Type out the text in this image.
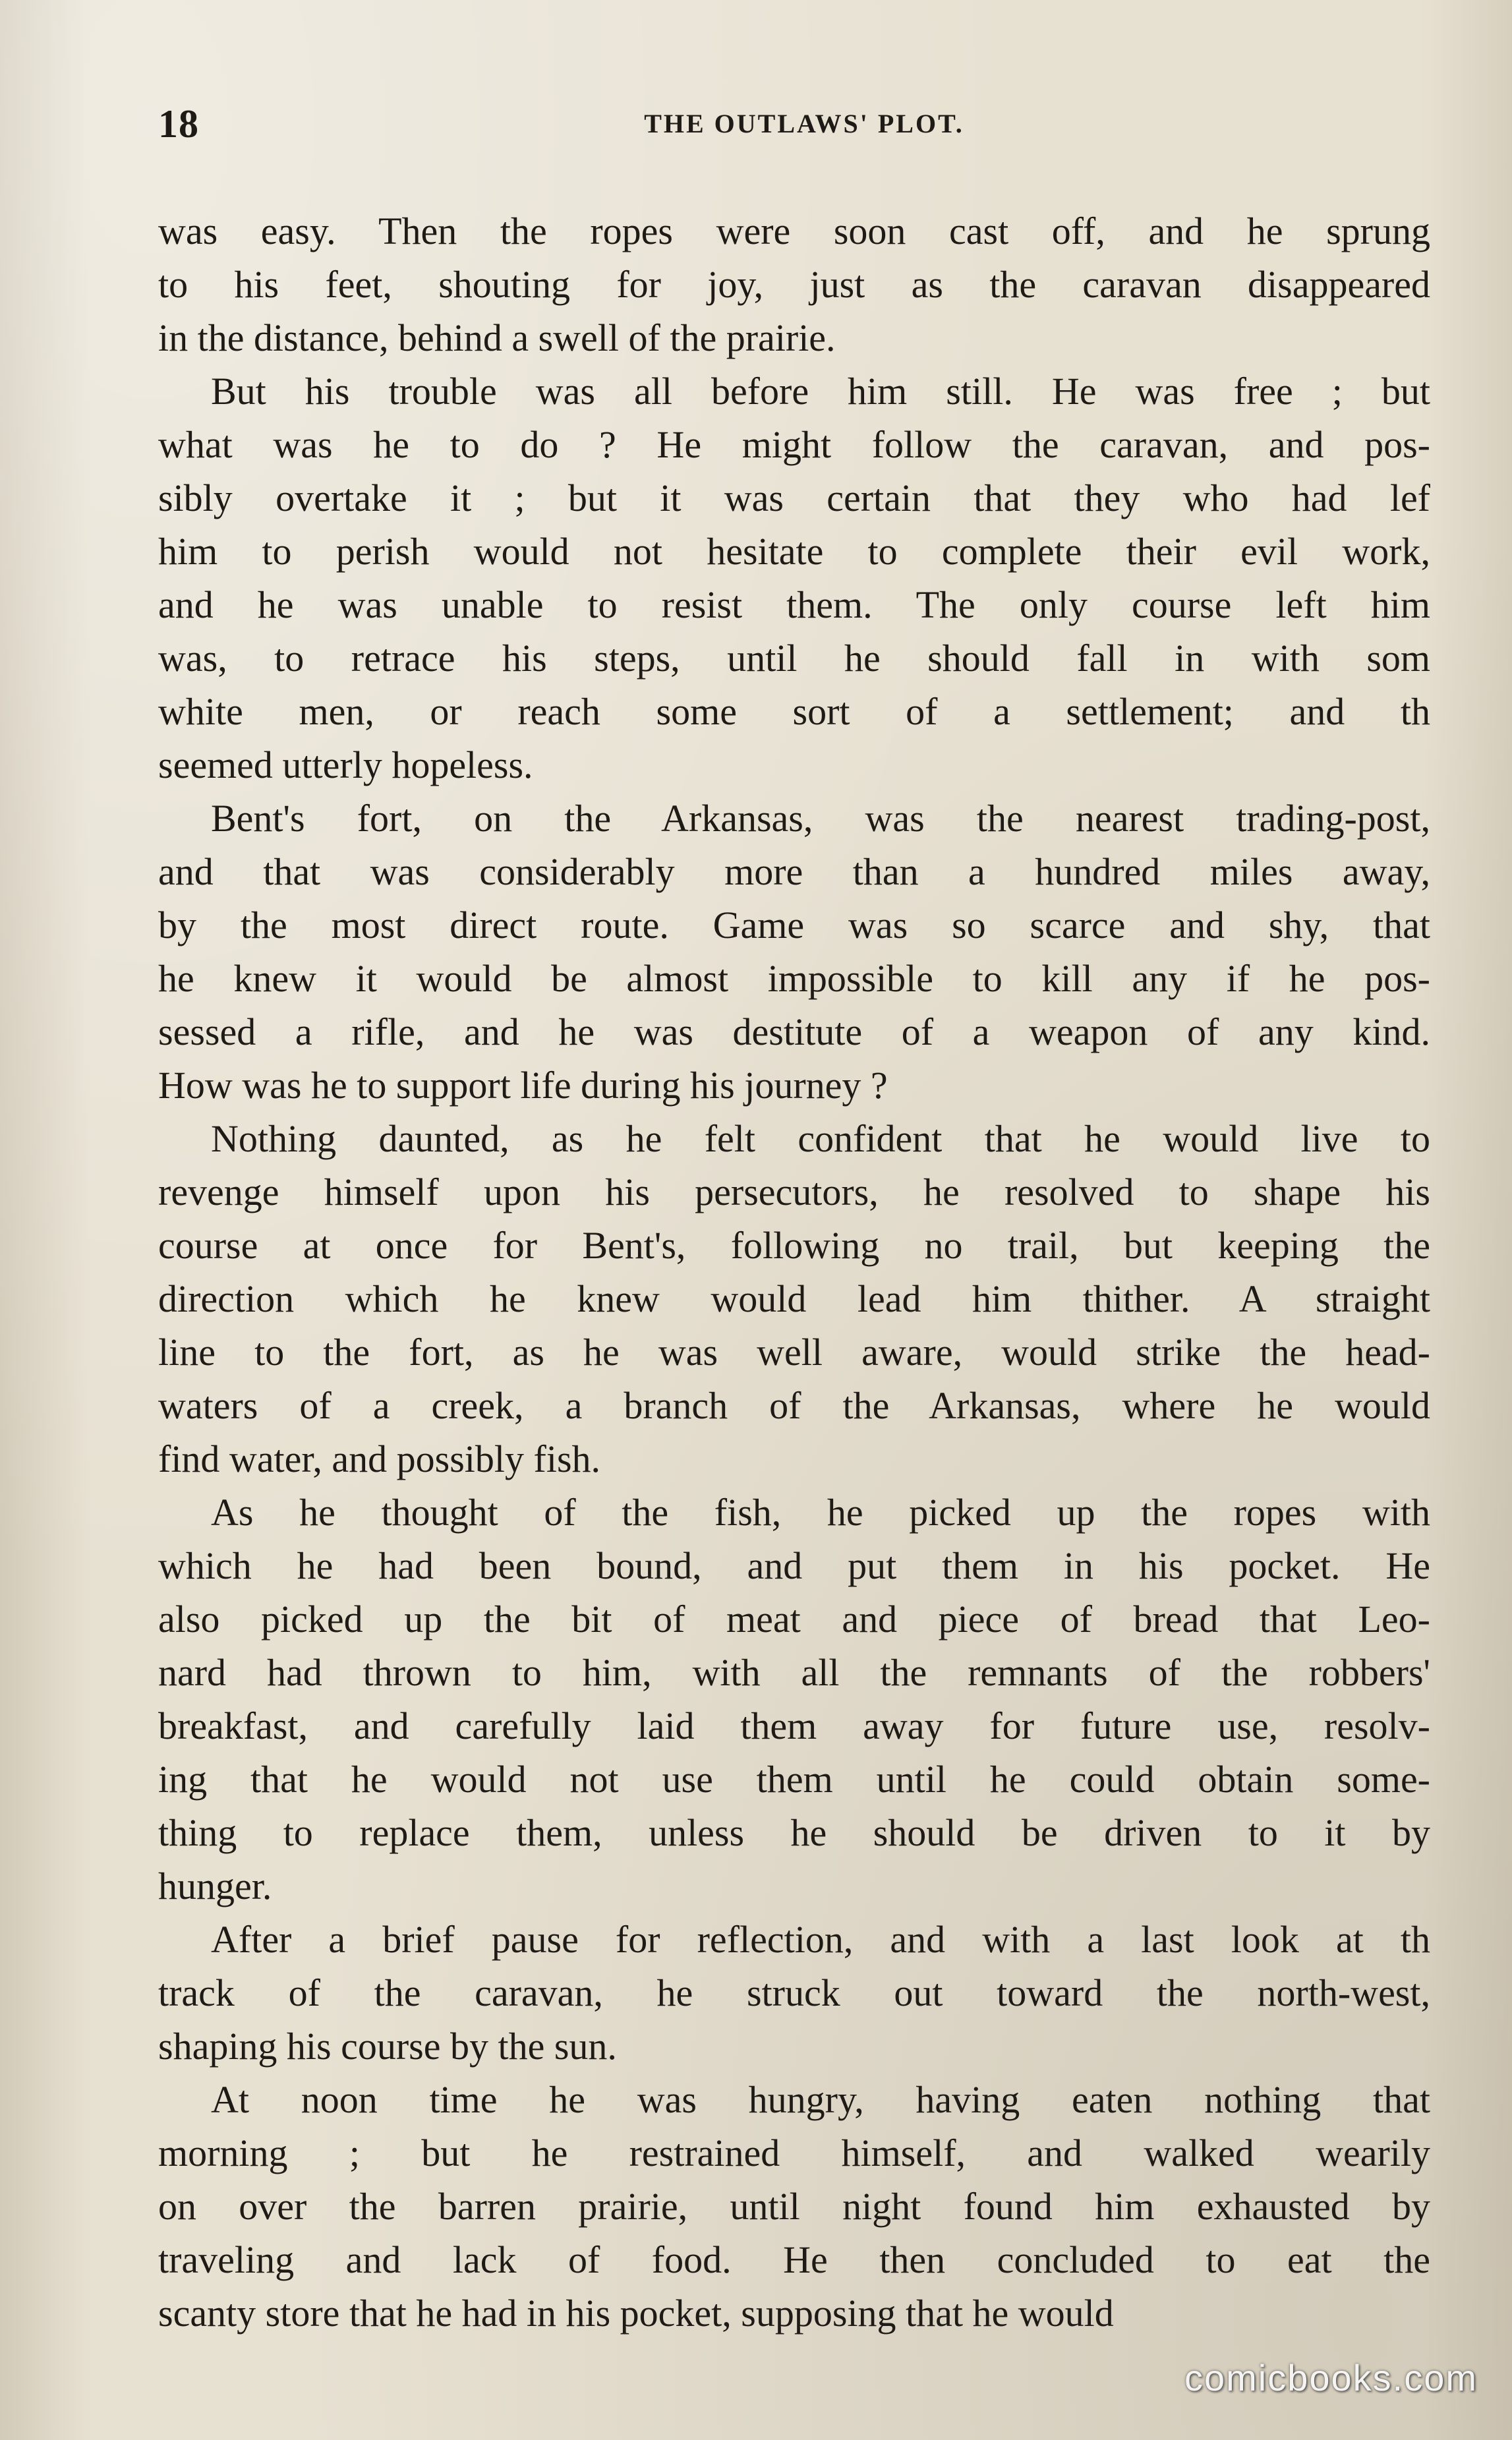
18	THE OUTLAWS' PLOT.
was easy. Then the ropes were soon cast off, and he sprung
to his feet, shouting for joy, just as the caravan disappeared
in the distance, behind a swell of the prairie.
But his trouble was all before him still. He was free ; but
what was he to do ? He might follow the caravan, and pos-
sibly overtake it ; but it was certain that they who had lef
him to perish would not hesitate to complete their evil work,
and he was unable to resist them. The only course left him
was, to retrace his steps, until he should fall in with som
white men, or reach some sort of a settlement; and th
seemed utterly hopeless.
Bent's fort, on the Arkansas, was the nearest trading-post,
and that was considerably more than a hundred miles away,
by the most direct route. Game was so scarce and shy, that
he knew it would be almost impossible to kill any if he pos-
sessed a rifle, and he was destitute of a weapon of any kind.
How was he to support life during his journey ?
Nothing daunted, as he felt confident that he would live to
revenge himself upon his persecutors, he resolved to shape his
course at once for Bent's, following no trail, but keeping the
direction which he knew would lead him thither. A straight
line to the fort, as he was well aware, would strike the head-
waters of a creek, a branch of the Arkansas, where he would
find water, and possibly fish.
As he thought of the fish, he picked up the ropes with
which he had been bound, and put them in his pocket. He
also picked up the bit of meat and piece of bread that Leo-
nard had thrown to him, with all the remnants of the robbers'
breakfast, and carefully laid them away for future use, resolv-
ing that he would not use them until he could obtain some-
thing to replace them, unless he should be driven to it by
hunger.
After a brief pause for reflection, and with a last look at th
track of the caravan, he struck out toward the north-west,
shaping his course by the sun.
At noon time he was hungry, having eaten nothing that
morning ; but he restrained himself, and walked wearily
on over the barren prairie, until night found him exhausted by
traveling and lack of food. He then concluded to eat the
scanty store that he had in his pocket, supposing that he would
comicbooks.com
